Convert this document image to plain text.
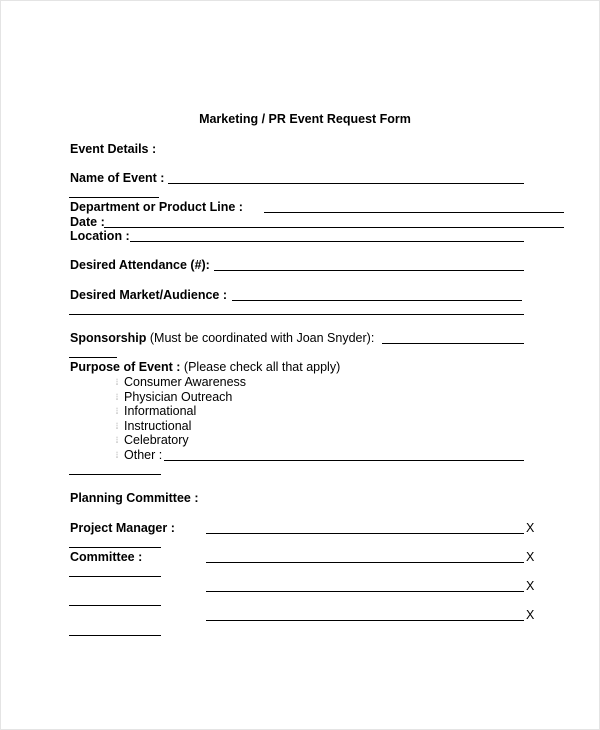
Marketing / PR Event Request Form
Event Details :
Name of Event :
Department or Product Line :
Date :
Location :
Desired Attendance (#):
Desired Market/Audience :
Sponsorship (Must be coordinated with Joan Snyder):
Purpose of Event : (Please check all that apply)
⦙ Consumer Awareness
⦙ Physician Outreach
⦙ Informational
⦙ Instructional
⦙ Celebratory
⦙ Other :
Planning Committee :
Project Manager :	X
Committee :	X
X
X
